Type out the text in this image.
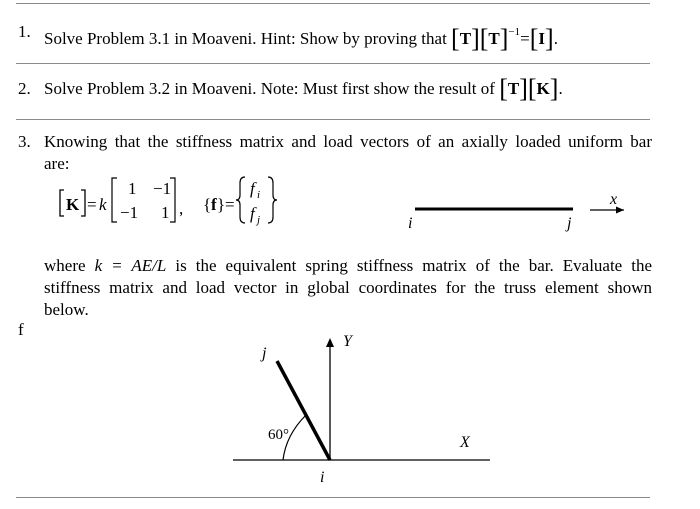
1. Solve Problem 3.1 in Moaveni. Hint: Show by proving that $[T][T]^{-1}=[I]$.
2. Solve Problem 3.2 in Moaveni. Note: Must first show the result of [T][K].
3. Knowing that the stiffness matrix and load vectors of an axially loaded uniform bar
are:
where k = AE/L is the equivalent spring stiffness matrix of the bar. Evaluate the
stiffness matrix and load vector in global coordinates for the truss element shown
below.
f
K = k
1 −1
−1 1 , { f } =
f i
f j	i	j
x
60°
j
i
Y
X
